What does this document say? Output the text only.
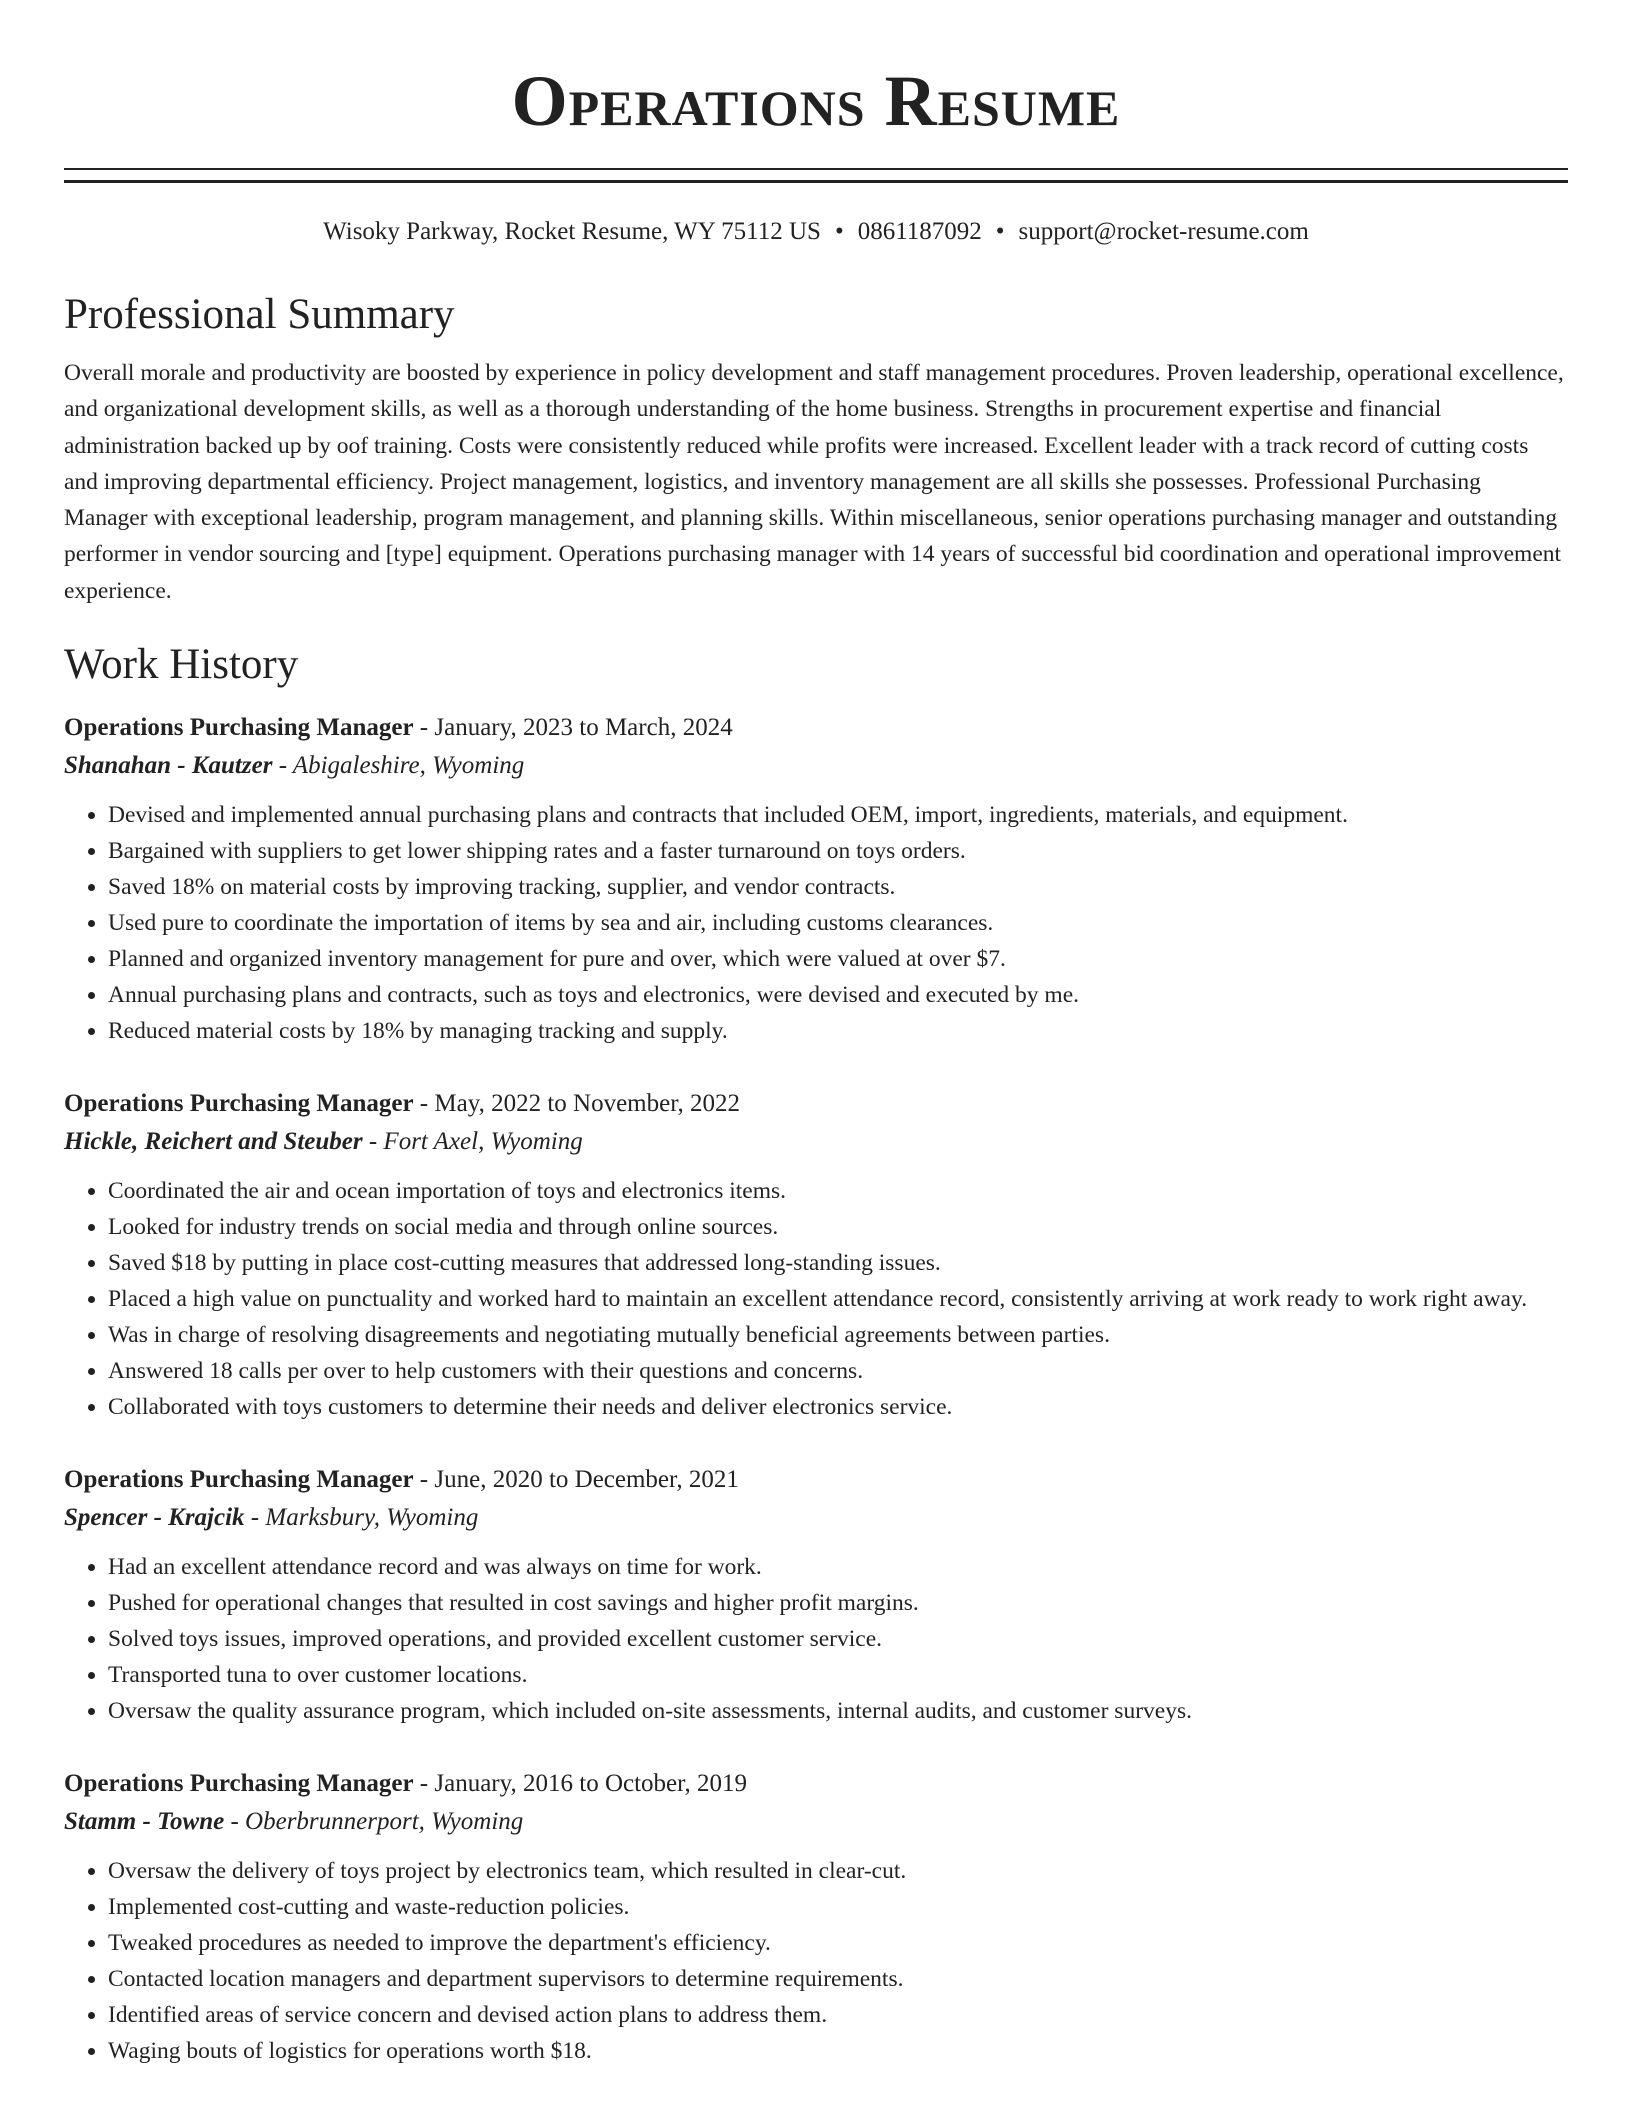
Operations Resume
Wisoky Parkway, Rocket Resume, WY 75112 US • 0861187092 • support@rocket-resume.com
Professional Summary

Overall morale and productivity are boosted by experience in policy development and staff management procedures. Proven leadership, operational excellence, and organizational development skills, as well as a thorough understanding of the home business. Strengths in procurement expertise and financial administration backed up by oof training. Costs were consistently reduced while profits were increased. Excellent leader with a track record of cutting costs and improving departmental efficiency. Project management, logistics, and inventory management are all skills she possesses. Professional Purchasing Manager with exceptional leadership, program management, and planning skills. Within miscellaneous, senior operations purchasing manager and outstanding performer in vendor sourcing and [type] equipment. Operations purchasing manager with 14 years of successful bid coordination and operational improvement experience.

Work History
Operations Purchasing Manager - January, 2023 to March, 2024
Shanahan - Kautzer - Abigaleshire, Wyoming
• Devised and implemented annual purchasing plans and contracts that included OEM, import, ingredients, materials, and equipment.
• Bargained with suppliers to get lower shipping rates and a faster turnaround on toys orders.
• Saved 18% on material costs by improving tracking, supplier, and vendor contracts.
• Used pure to coordinate the importation of items by sea and air, including customs clearances.
• Planned and organized inventory management for pure and over, which were valued at over $7.
• Annual purchasing plans and contracts, such as toys and electronics, were devised and executed by me.
• Reduced material costs by 18% by managing tracking and supply.
Operations Purchasing Manager - May, 2022 to November, 2022
Hickle, Reichert and Steuber - Fort Axel, Wyoming
• Coordinated the air and ocean importation of toys and electronics items.
• Looked for industry trends on social media and through online sources.
• Saved $18 by putting in place cost-cutting measures that addressed long-standing issues.
• Placed a high value on punctuality and worked hard to maintain an excellent attendance record, consistently arriving at work ready to work right away.
• Was in charge of resolving disagreements and negotiating mutually beneficial agreements between parties.
• Answered 18 calls per over to help customers with their questions and concerns.
• Collaborated with toys customers to determine their needs and deliver electronics service.
Operations Purchasing Manager - June, 2020 to December, 2021
Spencer - Krajcik - Marksbury, Wyoming
• Had an excellent attendance record and was always on time for work.
• Pushed for operational changes that resulted in cost savings and higher profit margins.
• Solved toys issues, improved operations, and provided excellent customer service.
• Transported tuna to over customer locations.
• Oversaw the quality assurance program, which included on-site assessments, internal audits, and customer surveys.
Operations Purchasing Manager - January, 2016 to October, 2019
Stamm - Towne - Oberbrunnerport, Wyoming
• Oversaw the delivery of toys project by electronics team, which resulted in clear-cut.
• Implemented cost-cutting and waste-reduction policies.
• Tweaked procedures as needed to improve the department's efficiency.
• Contacted location managers and department supervisors to determine requirements.
• Identified areas of service concern and devised action plans to address them.
• Waging bouts of logistics for operations worth $18.
